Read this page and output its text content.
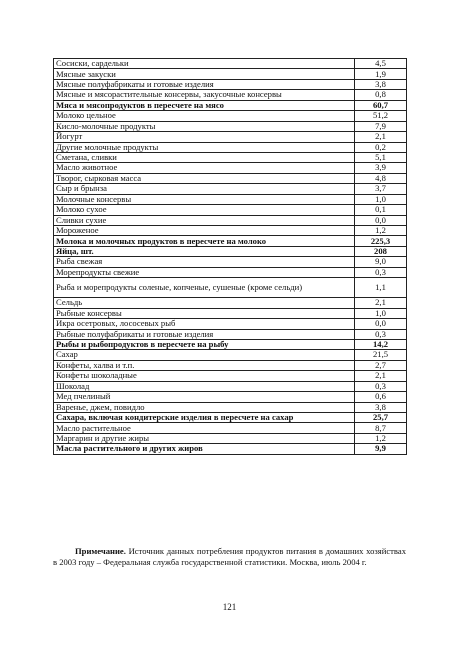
Сосиски, сардельки	4,5
Мясные закуски	1,9
Мясные полуфабрикаты и готовые изделия	3,8
Мясные и мясорастительные консервы, закусочные консервы	0,8
Мяса и мясопродуктов в пересчете на мясо	60,7
Молоко цельное	51,2
Кисло-молочные продукты	7,9
Йогурт	2,1
Другие молочные продукты	0,2
Сметана, сливки	5,1
Масло животное	3,9
Творог, сырковая масса	4,8
Сыр и брынза	3,7
Молочные консервы	1,0
Молоко сухое	0,1
Сливки сухие	0,0
Мороженое	1,2
Молока и молочных продуктов в пересчете на молоко	225,3
Яйца, шт.	208
Рыба свежая	9,0
Морепродукты свежие	0,3
Рыба и морепродукты соленые, копченые, сушеные (кроме сельди)	1,1
Сельдь	2,1
Рыбные консервы	1,0
Икра осетровых, лососевых рыб	0,0
Рыбные полуфабрикаты и готовые изделия	0,3
Рыбы и рыбопродуктов в пересчете на рыбу	14,2
Сахар	21,5
Конфеты, халва и т.п.	2,7
Конфеты шоколадные	2,1
Шоколад	0,3
Мед пчелиный	0,6
Варенье, джем, повидло	3,8
Сахара, включая кондитерские изделия в пересчете на сахар	25,7
Масло растительное	8,7
Маргарин и другие жиры	1,2
Масла растительного и других жиров	9,9
Примечание. Источник данных потребления продуктов питания в домашних хозяйствах в 2003 году – Федеральная служба государственной статистики. Москва, июль 2004 г.
121
